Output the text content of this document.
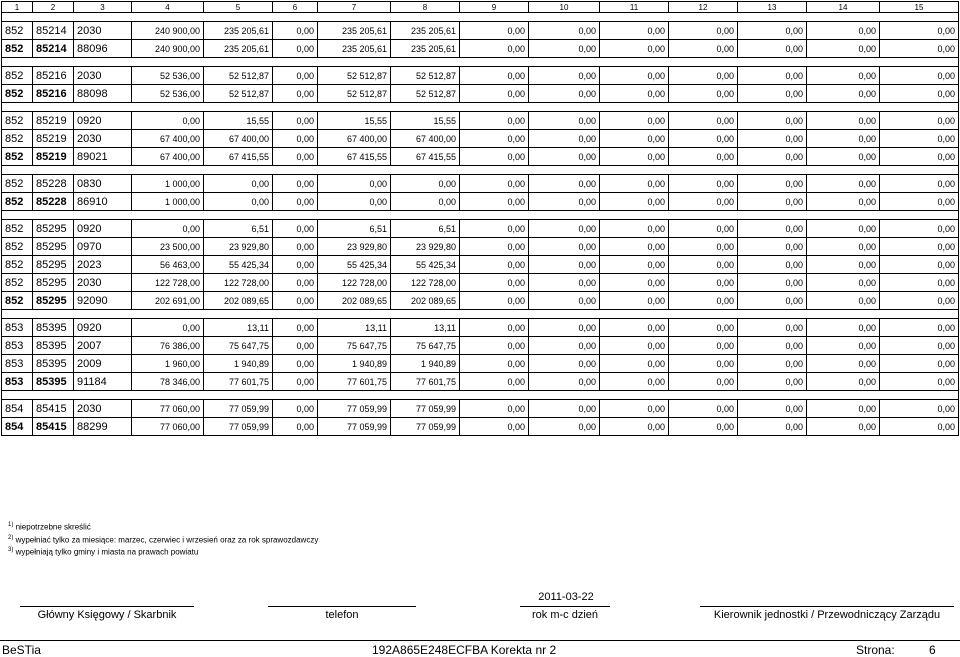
1	2	3	4	5	6	7	8	9	10	11	12	13	14	15

852	85214	2030	240 900,00	235 205,61	0,00	235 205,61	235 205,61	0,00	0,00	0,00	0,00	0,00	0,00	0,00
852	85214	88096	240 900,00	235 205,61	0,00	235 205,61	235 205,61	0,00	0,00	0,00	0,00	0,00	0,00	0,00

852	85216	2030	52 536,00	52 512,87	0,00	52 512,87	52 512,87	0,00	0,00	0,00	0,00	0,00	0,00	0,00
852	85216	88098	52 536,00	52 512,87	0,00	52 512,87	52 512,87	0,00	0,00	0,00	0,00	0,00	0,00	0,00

852	85219	0920	0,00	15,55	0,00	15,55	15,55	0,00	0,00	0,00	0,00	0,00	0,00	0,00
852	85219	2030	67 400,00	67 400,00	0,00	67 400,00	67 400,00	0,00	0,00	0,00	0,00	0,00	0,00	0,00
852	85219	89021	67 400,00	67 415,55	0,00	67 415,55	67 415,55	0,00	0,00	0,00	0,00	0,00	0,00	0,00

852	85228	0830	1 000,00	0,00	0,00	0,00	0,00	0,00	0,00	0,00	0,00	0,00	0,00	0,00
852	85228	86910	1 000,00	0,00	0,00	0,00	0,00	0,00	0,00	0,00	0,00	0,00	0,00	0,00

852	85295	0920	0,00	6,51	0,00	6,51	6,51	0,00	0,00	0,00	0,00	0,00	0,00	0,00
852	85295	0970	23 500,00	23 929,80	0,00	23 929,80	23 929,80	0,00	0,00	0,00	0,00	0,00	0,00	0,00
852	85295	2023	56 463,00	55 425,34	0,00	55 425,34	55 425,34	0,00	0,00	0,00	0,00	0,00	0,00	0,00
852	85295	2030	122 728,00	122 728,00	0,00	122 728,00	122 728,00	0,00	0,00	0,00	0,00	0,00	0,00	0,00
852	85295	92090	202 691,00	202 089,65	0,00	202 089,65	202 089,65	0,00	0,00	0,00	0,00	0,00	0,00	0,00

853	85395	0920	0,00	13,11	0,00	13,11	13,11	0,00	0,00	0,00	0,00	0,00	0,00	0,00
853	85395	2007	76 386,00	75 647,75	0,00	75 647,75	75 647,75	0,00	0,00	0,00	0,00	0,00	0,00	0,00
853	85395	2009	1 960,00	1 940,89	0,00	1 940,89	1 940,89	0,00	0,00	0,00	0,00	0,00	0,00	0,00
853	85395	91184	78 346,00	77 601,75	0,00	77 601,75	77 601,75	0,00	0,00	0,00	0,00	0,00	0,00	0,00

854	85415	2030	77 060,00	77 059,99	0,00	77 059,99	77 059,99	0,00	0,00	0,00	0,00	0,00	0,00	0,00
854	85415	88299	77 060,00	77 059,99	0,00	77 059,99	77 059,99	0,00	0,00	0,00	0,00	0,00	0,00	0,00
$^{1)}$ niepotrzebne skreślić
$^{2)}$ wypełniać tylko za miesiące: marzec, czerwiec i wrzesień oraz za rok sprawozdawczy
$^{3)}$ wypełniają tylko gminy i miasta na prawach powiatu
Główny Księgowy / Skarbnik	telefon
2011-03-22
rok m-c dzień	Kierownik jednostki / Przewodniczący Zarządu
BeSTia	192A865E248ECFBA Korekta nr 2	Strona:	6
